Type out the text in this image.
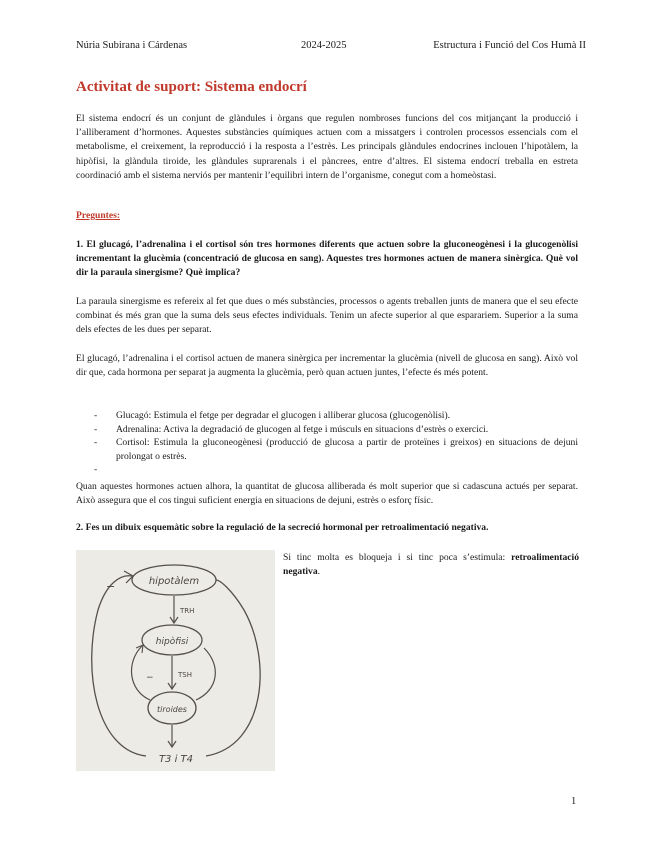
Núria Subirana i Cárdenas	2024-2025	Estructura i Funció del Cos Humà II
Activitat de suport: Sistema endocrí

El sistema endocrí és un conjunt de glàndules i òrgans que regulen nombroses funcions del cos mitjançant la producció i l’alliberament d’hormones. Aquestes substàncies químiques actuen com a missatgers i controlen processos essencials com el metabolisme, el creixement, la reproducció i la resposta a l’estrès. Les principals glàndules endocrines inclouen l’hipotàlem, la hipòfisi, la glàndula tiroide, les glàndules suprarenals i el pàncrees, entre d’altres. El sistema endocrí treballa en estreta coordinació amb el sistema nerviós per mantenir l’equilibri intern de l’organisme, conegut com a homeòstasi.

Preguntes:

1. El glucagó, l’adrenalina i el cortisol són tres hormones diferents que actuen sobre la gluconeogènesi i la glucogenòlisi incrementant la glucèmia (concentració de glucosa en sang). Aquestes tres hormones actuen de manera sinèrgica. Què vol dir la paraula sinergisme? Què implica?

La paraula sinergisme es refereix al fet que dues o més substàncies, processos o agents treballen junts de manera que el seu efecte combinat és més gran que la suma dels seus efectes individuals. Tenim un afecte superior al que esparariem. Superior a la suma dels efectes de les dues per separat.

El glucagó, l’adrenalina i el cortisol actuen de manera sinèrgica per incrementar la glucèmia (nivell de glucosa en sang). Això vol dir que, cada hormona per separat ja augmenta la glucèmia, però quan actuen juntes, l’efecte és més potent.

- Glucagó: Estimula el fetge per degradar el glucogen i alliberar glucosa (glucogenòlisi).
- Adrenalina: Activa la degradació de glucogen al fetge i músculs en situacions d’estrès o exercici.
- Cortisol: Estimula la gluconeogènesi (producció de glucosa a partir de proteïnes i greixos) en situacions de dejuni prolongat o estrès.
-

Quan aquestes hormones actuen alhora, la quantitat de glucosa alliberada és molt superior que si cadascuna actués per separat. Això assegura que el cos tingui suficient energia en situacions de dejuni, estrès o esforç físic.

2. Fes un dibuix esquemàtic sobre la regulació de la secreció hormonal per retroalimentació negativa.

hipotàlem
TRH
hipòfisi
TSH
tiroides
T3 i T4
−
−

Si tinc molta es bloqueja i si tinc poca s’estimula: retroalimentació negativa.

1
